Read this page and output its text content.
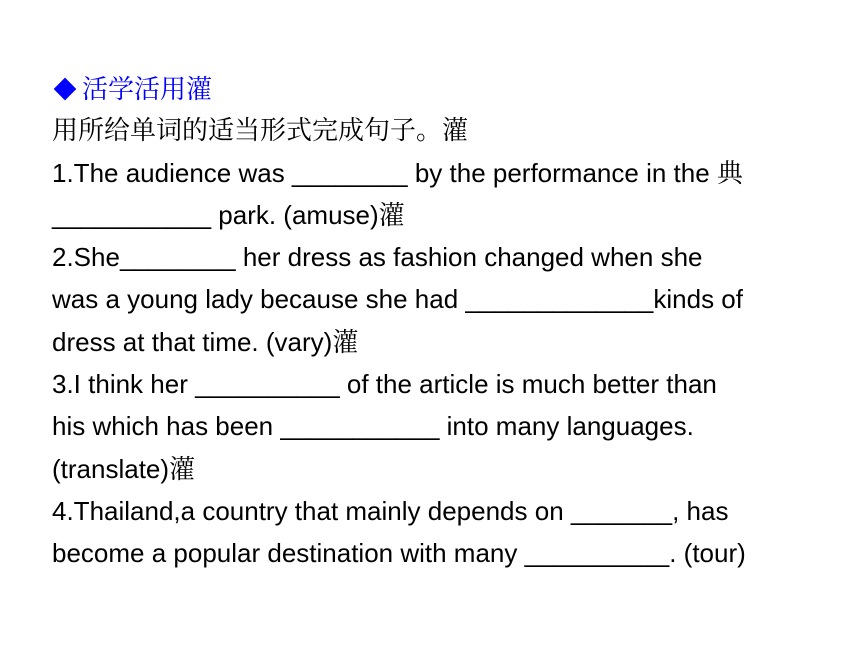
活学活用灌
用所给单词的适当形式完成句子。灌
1.The audience was ________ by the performance in the 典
___________ park. (amuse)灌
2.She________ her dress as fashion changed when she
was a young lady because she had _____________kinds of
dress at that time. (vary)灌
3.I think her __________ of the article is much better than
his which has been ___________ into many languages.
(translate)灌
4.Thailand,a country that mainly depends on _______, has
become a popular destination with many __________. (tour)
